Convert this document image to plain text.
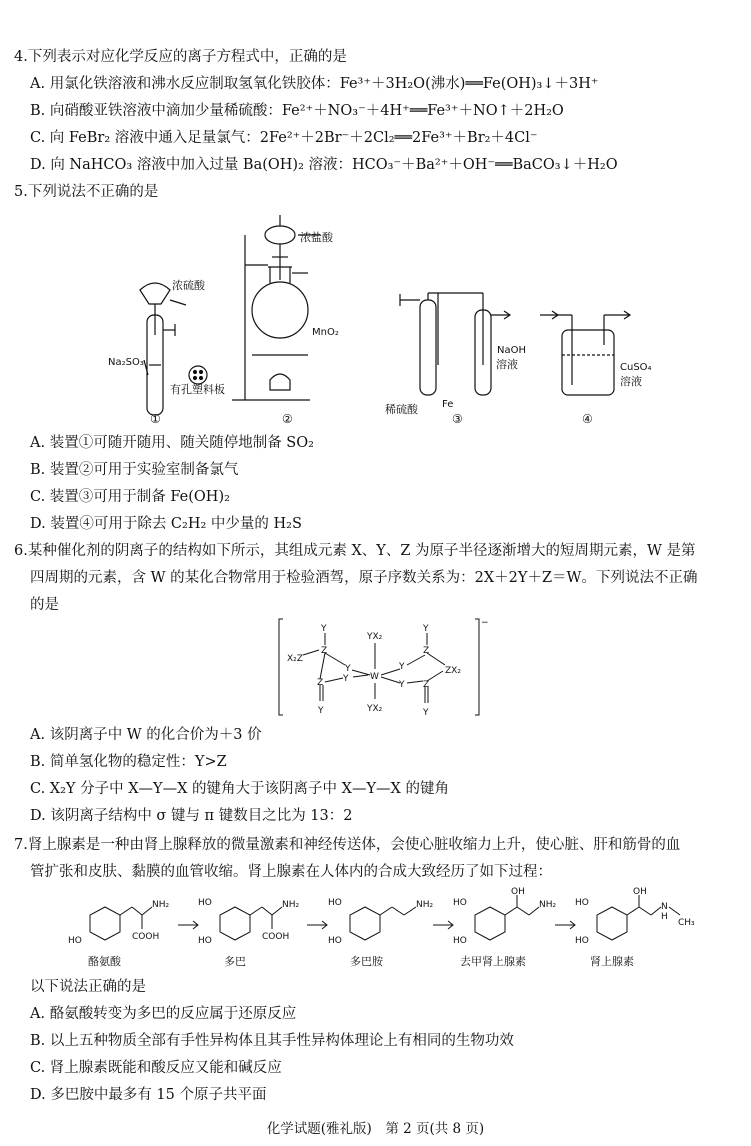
4.下列表示对应化学反应的离子方程式中，正确的是
A. 用氯化铁溶液和沸水反应制取氢氧化铁胶体：Fe³⁺＋3H₂O(沸水)══Fe(OH)₃↓＋3H⁺
B. 向硝酸亚铁溶液中滴加少量稀硫酸：Fe²⁺＋NO₃⁻＋4H⁺══Fe³⁺＋NO↑＋2H₂O
C. 向 FeBr₂ 溶液中通入足量氯气：2Fe²⁺＋2Br⁻＋2Cl₂══2Fe³⁺＋Br₂＋4Cl⁻
D. 向 NaHCO₃ 溶液中加入过量 Ba(OH)₂ 溶液：HCO₃⁻＋Ba²⁺＋OH⁻══BaCO₃↓＋H₂O
5.下列说法不正确的是
浓硫酸
Na₂SO₃
有孔塑料板
浓盐酸
MnO₂
稀硫酸 Fe
NaOH
溶液	CuSO₄
溶液
①	②	③	④
A. 装置①可随开随用、随关随停地制备 SO₂
B. 装置②可用于实验室制备氯气
C. 装置③可用于制备 Fe(OH)₂
D. 装置④可用于除去 C₂H₂ 中少量的 H₂S
6.某种催化剂的阴离子的结构如下所示，其组成元素 X、Y、Z 为原子半径逐渐增大的短周期元素，W 是第
四周期的元素，含 W 的某化合物常用于检验酒驾，原子序数关系为：2X＋2Y＋Z＝W。下列说法不正确
的是
Y
Z
X₂Z
Y
YX₂
W
YX₂
Y
Z
Y
Y
Y
Y
Z
ZX₂
Z
Y
−
A. 该阴离子中 W 的化合价为＋3 价
B. 简单氢化物的稳定性：Y>Z
C. X₂Y 分子中 X—Y—X 的键角大于该阴离子中 X—Y—X 的键角
D. 该阴离子结构中 σ 键与 π 键数目之比为 13：2
7.肾上腺素是一种由肾上腺释放的微量激素和神经传送体，会使心脏收缩力上升，使心脏、肝和筋骨的血
管扩张和皮肤、黏膜的血管收缩。肾上腺素在人体内的合成大致经历了如下过程：
HO
NH₂
COOH
HO
HO
NH₂
COOH
HO
HO
NH₂ HO
HO
OH
NH₂ HO
HO
OH
N
H
CH₃
酪氨酸	多巴	多巴胺	去甲肾上腺素	肾上腺素
以下说法正确的是
A. 酪氨酸转变为多巴的反应属于还原反应
B. 以上五种物质全部有手性异构体且其手性异构体理论上有相同的生物功效
C. 肾上腺素既能和酸反应又能和碱反应
D. 多巴胺中最多有 15 个原子共平面
化学试题(雅礼版)　第 2 页(共 8 页)
